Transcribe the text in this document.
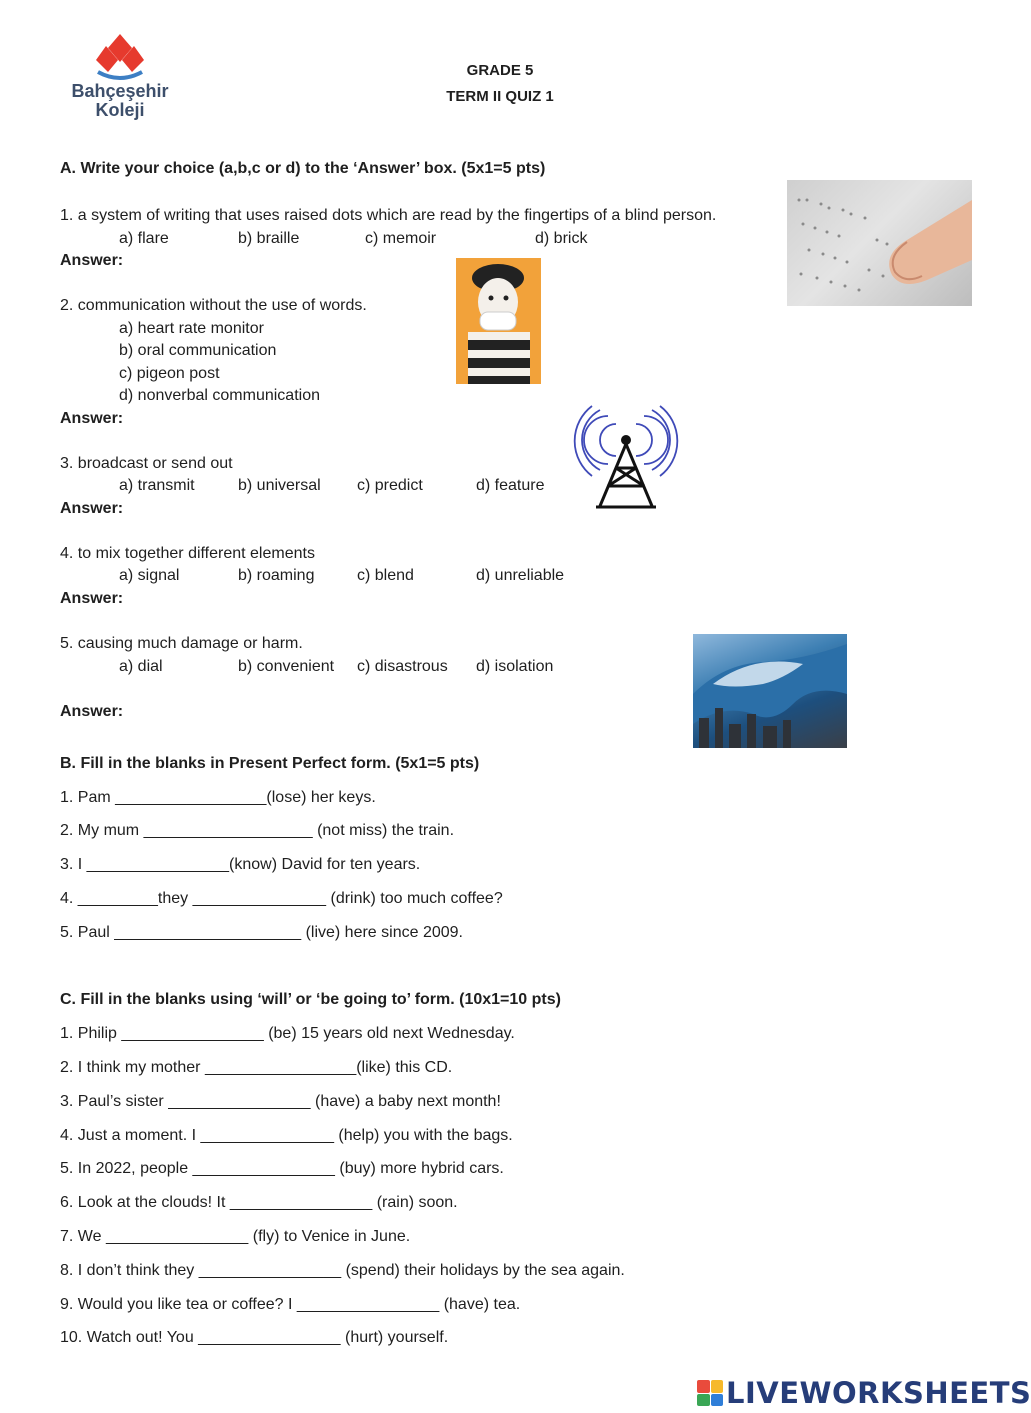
Bahçeşehir
Koleji
GRADE 5
TERM II QUIZ 1
A. Write your choice (a,b,c or d) to the ‘Answer’ box. (5x1=5 pts)
1. a system of writing that uses raised dots which are read by the fingertips of a blind person.
a) flare	b) braille	c) memoir	d) brick
Answer:
2. communication without the use of words.
a) heart rate monitor
b) oral communication
c) pigeon post
d) nonverbal communication
Answer:
3. broadcast or send out
a) transmit	b) universal c) predict	d) feature
Answer:
4. to mix together different elements
a) signal	b) roaming	c) blend	d) unreliable
Answer:
5. causing much damage or harm.
a) dial	b) convenient c) disastrous d) isolation
Answer:
B. Fill in the blanks in Present Perfect form. (5x1=5 pts)
1. Pam _________________(lose) her keys.
2. My mum ___________________ (not miss) the train.
3. I ________________(know) David for ten years.
4. _________they _______________ (drink) too much coffee?
5. Paul _____________________ (live) here since 2009.
C. Fill in the blanks using ‘will’ or ‘be going to’ form. (10x1=10 pts)
1. Philip ________________ (be) 15 years old next Wednesday.
2. I think my mother _________________(like) this CD.
3. Paul’s sister ________________ (have) a baby next month!
4. Just a moment. I _______________ (help) you with the bags.
5. In 2022, people ________________ (buy) more hybrid cars.
6. Look at the clouds! It ________________ (rain) soon.
7. We ________________ (fly) to Venice in June.
8. I don’t think they ________________ (spend) their holidays by the sea again.
9. Would you like tea or coffee? I ________________ (have) tea.
10. Watch out! You ________________ (hurt) yourself.
LIVEWORKSHEETS
